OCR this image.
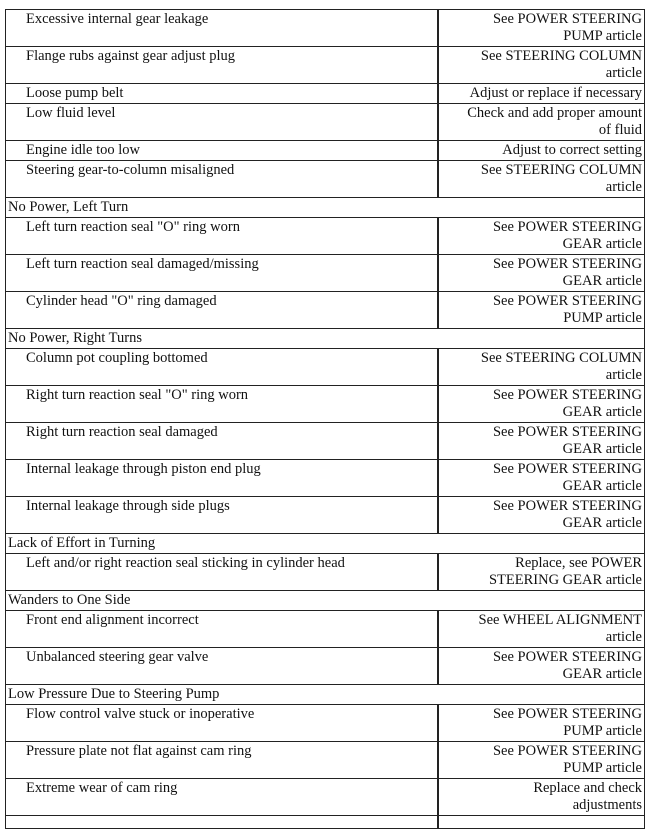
Excessive internal gear leakage	See POWER STEERING
PUMP article

Flange rubs against gear adjust plug	See STEERING COLUMN
article

Loose pump belt	Adjust or replace if necessary

Low fluid level	Check and add proper amount
of fluid

Engine idle too low	Adjust to correct setting

Steering gear-to-column misaligned	See STEERING COLUMN
article

No Power, Left Turn	
Left turn reaction seal "O" ring worn	See POWER STEERING
GEAR article

Left turn reaction seal damaged/missing	See POWER STEERING
GEAR article

Cylinder head "O" ring damaged	See POWER STEERING
PUMP article

No Power, Right Turns	
Column pot coupling bottomed	See STEERING COLUMN
article

Right turn reaction seal "O" ring worn	See POWER STEERING
GEAR article

Right turn reaction seal damaged	See POWER STEERING
GEAR article

Internal leakage through piston end plug	See POWER STEERING
GEAR article

Internal leakage through side plugs	See POWER STEERING
GEAR article

Lack of Effort in Turning	
Left and/or right reaction seal sticking in cylinder head	Replace, see POWER
STEERING GEAR article

Wanders to One Side	
Front end alignment incorrect	See WHEEL ALIGNMENT
article

Unbalanced steering gear valve	See POWER STEERING
GEAR article

Low Pressure Due to Steering Pump	
Flow control valve stuck or inoperative	See POWER STEERING
PUMP article

Pressure plate not flat against cam ring	See POWER STEERING
PUMP article

Extreme wear of cam ring	Replace and check
adjustments
